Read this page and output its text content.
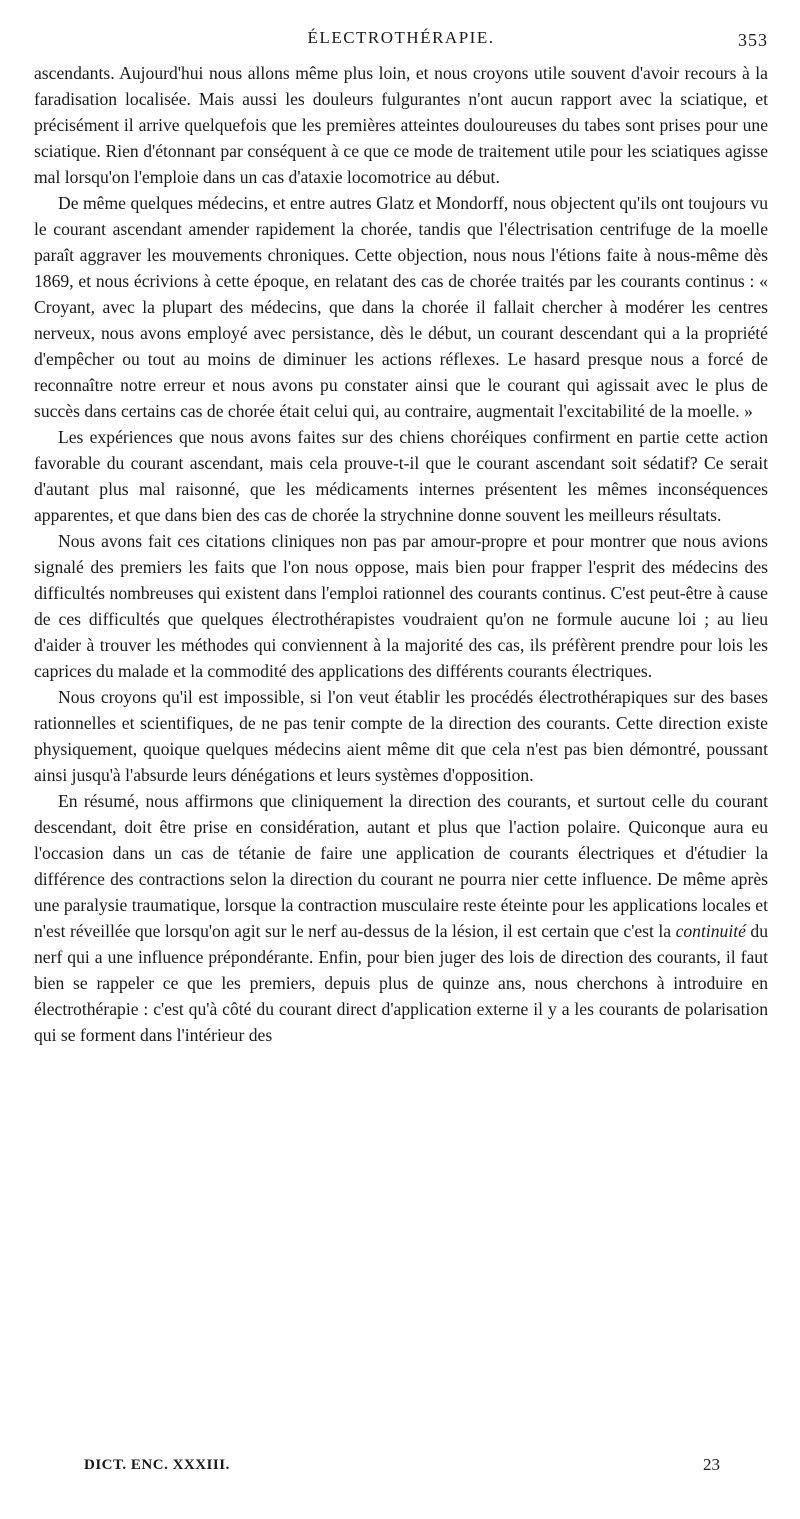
ÉLECTROTHÉRAPIE.	353

ascendants. Aujourd'hui nous allons même plus loin, et nous croyons utile souvent d'avoir recours à la faradisation localisée. Mais aussi les douleurs fulgurantes n'ont aucun rapport avec la sciatique, et précisément il arrive quelquefois que les premières atteintes douloureuses du tabes sont prises pour une sciatique. Rien d'étonnant par conséquent à ce que ce mode de traitement utile pour les sciatiques agisse mal lorsqu'on l'emploie dans un cas d'ataxie locomotrice au début.

De même quelques médecins, et entre autres Glatz et Mondorff, nous objectent qu'ils ont toujours vu le courant ascendant amender rapidement la chorée, tandis que l'électrisation centrifuge de la moelle paraît aggraver les mouvements chroniques. Cette objection, nous nous l'étions faite à nous-même dès 1869, et nous écrivions à cette époque, en relatant des cas de chorée traités par les courants continus : « Croyant, avec la plupart des médecins, que dans la chorée il fallait chercher à modérer les centres nerveux, nous avons employé avec persistance, dès le début, un courant descendant qui a la propriété d'empêcher ou tout au moins de diminuer les actions réflexes. Le hasard presque nous a forcé de reconnaître notre erreur et nous avons pu constater ainsi que le courant qui agissait avec le plus de succès dans certains cas de chorée était celui qui, au contraire, augmentait l'excitabilité de la moelle. »

Les expériences que nous avons faites sur des chiens choréiques confirment en partie cette action favorable du courant ascendant, mais cela prouve-t-il que le courant ascendant soit sédatif? Ce serait d'autant plus mal raisonné, que les médicaments internes présentent les mêmes inconséquences apparentes, et que dans bien des cas de chorée la strychnine donne souvent les meilleurs résultats.

Nous avons fait ces citations cliniques non pas par amour-propre et pour montrer que nous avions signalé des premiers les faits que l'on nous oppose, mais bien pour frapper l'esprit des médecins des difficultés nombreuses qui existent dans l'emploi rationnel des courants continus. C'est peut-être à cause de ces difficultés que quelques électrothérapistes voudraient qu'on ne formule aucune loi ; au lieu d'aider à trouver les méthodes qui conviennent à la majorité des cas, ils préfèrent prendre pour lois les caprices du malade et la commodité des applications des différents courants électriques.

Nous croyons qu'il est impossible, si l'on veut établir les procédés électrothérapiques sur des bases rationnelles et scientifiques, de ne pas tenir compte de la direction des courants. Cette direction existe physiquement, quoique quelques médecins aient même dit que cela n'est pas bien démontré, poussant ainsi jusqu'à l'absurde leurs dénégations et leurs systèmes d'opposition.

En résumé, nous affirmons que cliniquement la direction des courants, et surtout celle du courant descendant, doit être prise en considération, autant et plus que l'action polaire. Quiconque aura eu l'occasion dans un cas de tétanie de faire une application de courants électriques et d'étudier la différence des contractions selon la direction du courant ne pourra nier cette influence. De même après une paralysie traumatique, lorsque la contraction musculaire reste éteinte pour les applications locales et n'est réveillée que lorsqu'on agit sur le nerf au-dessus de la lésion, il est certain que c'est la continuité du nerf qui a une influence prépondérante. Enfin, pour bien juger des lois de direction des courants, il faut bien se rappeler ce que les premiers, depuis plus de quinze ans, nous cherchons à introduire en électrothérapie : c'est qu'à côté du courant direct d'application externe il y a les courants de polarisation qui se forment dans l'intérieur des

DICT. ENC. XXXIII.	23
